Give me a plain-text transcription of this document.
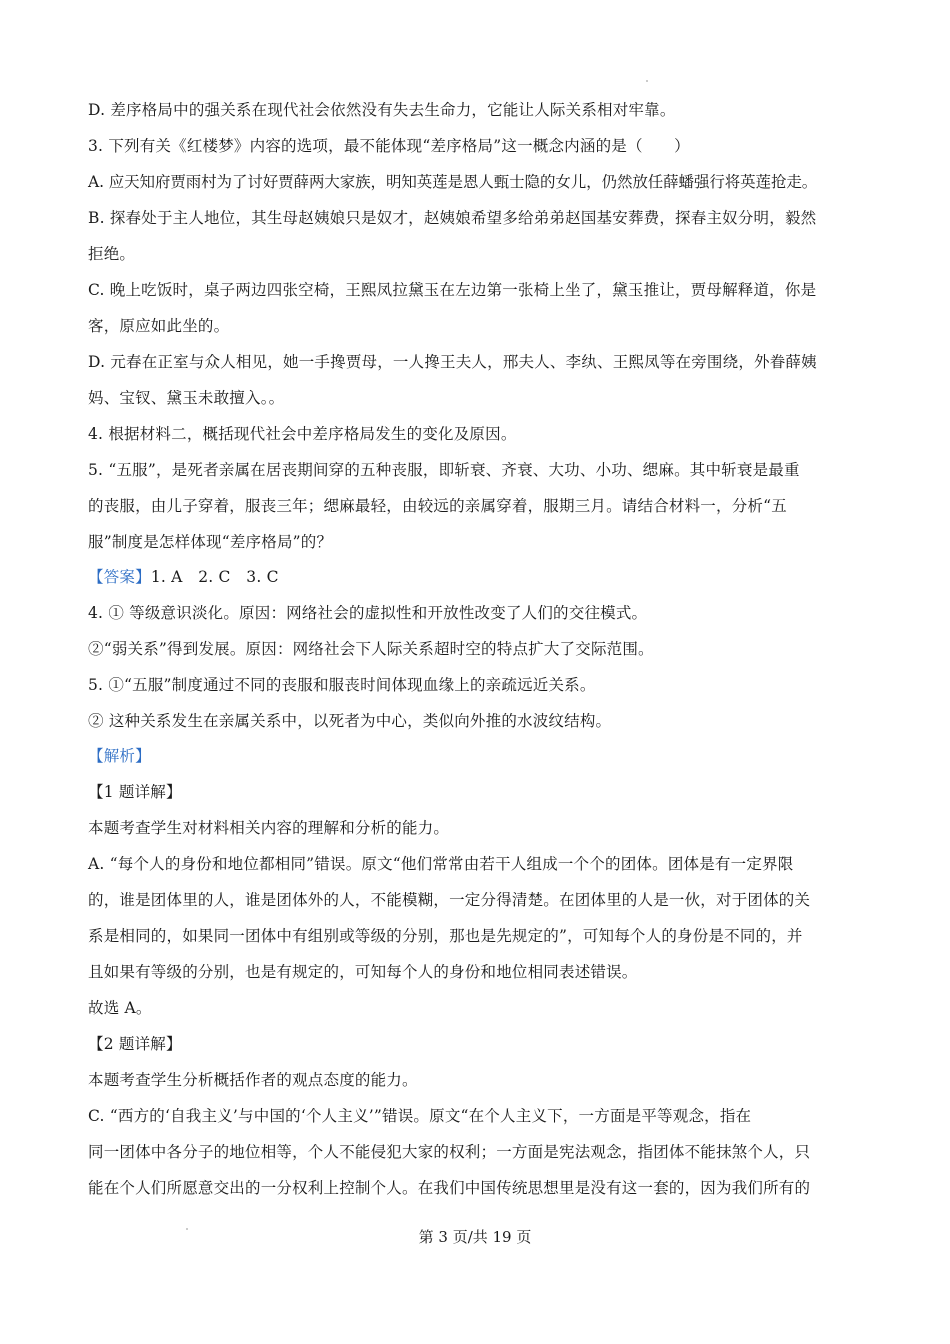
D. 差序格局中的强关系在现代社会依然没有失去生命力，它能让人际关系相对牢靠。
3. 下列有关《红楼梦》内容的选项，最不能体现“差序格局”这一概念内涵的是（　　）
A. 应天知府贾雨村为了讨好贾薛两大家族，明知英莲是恩人甄士隐的女儿，仍然放任薛蟠强行将英莲抢走。
B. 探春处于主人地位，其生母赵姨娘只是奴才，赵姨娘希望多给弟弟赵国基安葬费，探春主奴分明，毅然
拒绝。
C. 晚上吃饭时，桌子两边四张空椅，王熙凤拉黛玉在左边第一张椅上坐了，黛玉推让，贾母解释道，你是
客，原应如此坐的。
D. 元春在正室与众人相见，她一手搀贾母，一人搀王夫人，邢夫人、李纨、王熙凤等在旁围绕，外眷薛姨
妈、宝钗、黛玉未敢擅入。。
4. 根据材料二，概括现代社会中差序格局发生的变化及原因。
5. “五服”，是死者亲属在居丧期间穿的五种丧服，即斩衰、齐衰、大功、小功、缌麻。其中斩衰是最重
的丧服，由儿子穿着，服丧三年；缌麻最轻，由较远的亲属穿着，服期三月。请结合材料一，分析“五
服”制度是怎样体现“差序格局”的？
【答案】1. A　2. C　3. C
4. ① 等级意识淡化。原因：网络社会的虚拟性和开放性改变了人们的交往模式。
②“弱关系”得到发展。原因：网络社会下人际关系超时空的特点扩大了交际范围。
5. ①“五服”制度通过不同的丧服和服丧时间体现血缘上的亲疏远近关系。
② 这种关系发生在亲属关系中，以死者为中心，类似向外推的水波纹结构。
【解析】
【1 题详解】
本题考查学生对材料相关内容的理解和分析的能力。
A. “每个人的身份和地位都相同”错误。原文“他们常常由若干人组成一个个的团体。团体是有一定界限
的，谁是团体里的人，谁是团体外的人，不能模糊，一定分得清楚。在团体里的人是一伙，对于团体的关
系是相同的，如果同一团体中有组别或等级的分别，那也是先规定的”，可知每个人的身份是不同的，并
且如果有等级的分别，也是有规定的，可知每个人的身份和地位相同表述错误。
故选 A。
【2 题详解】
本题考查学生分析概括作者的观点态度的能力。
C. “西方的‘自我主义’与中国的‘个人主义’”错误。原文“在个人主义下，一方面是平等观念，指在
同一团体中各分子的地位相等，个人不能侵犯大家的权利；一方面是宪法观念，指团体不能抹煞个人，只
能在个人们所愿意交出的一分权利上控制个人。在我们中国传统思想里是没有这一套的，因为我们所有的
第 3 页/共 19 页
